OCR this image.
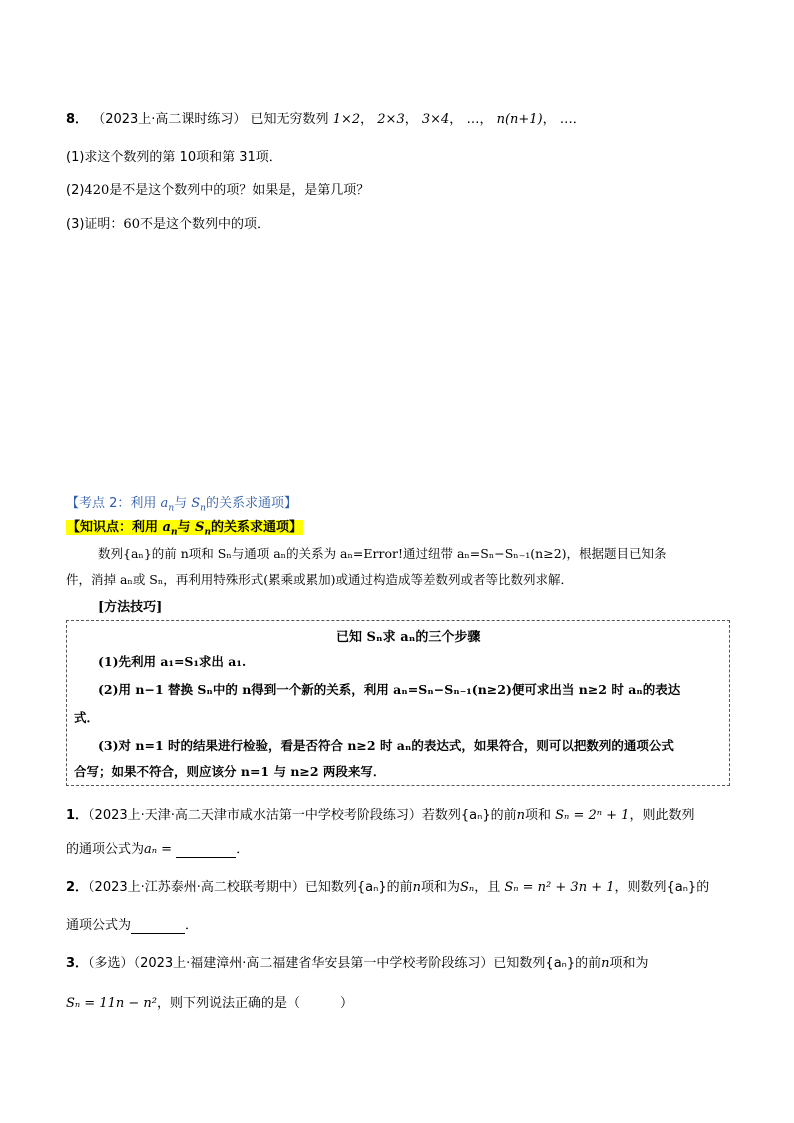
8． （2023上·高二课时练习） 已知无穷数列 1×2， 2×3， 3×4， …， n(n+1)， …．
(1)求这个数列的第 10项和第 31项．
(2)420是不是这个数列中的项？如果是，是第几项？
(3)证明：60不是这个数列中的项．
【考点 2：利用 $a_n$与 $S_n$的关系求通项】
【知识点：利用 $a_n$与 $S_n$的关系求通项】
数列{aₙ}的前 n项和 Sₙ与通项 aₙ的关系为 aₙ=Error!通过纽带 aₙ=Sₙ−Sₙ₋₁(n≥2)，根据题目已知条
件，消掉 aₙ或 Sₙ，再利用特殊形式(累乘或累加)或通过构造成等差数列或者等比数列求解．
[方法技巧]
已知 Sₙ求 aₙ的三个步骤
(1)先利用 a₁=S₁求出 a₁.
(2)用 n−1 替换 Sₙ中的 n得到一个新的关系，利用 aₙ=Sₙ−Sₙ₋₁(n≥2)便可求出当 n≥2 时 aₙ的表达
式．
(3)对 n=1 时的结果进行检验，看是否符合 n≥2 时 aₙ的表达式，如果符合，则可以把数列的通项公式
合写；如果不符合，则应该分 n=1 与 n≥2 两段来写．
1．（2023上·天津·高二天津市咸水沽第一中学校考阶段练习）若数列{aₙ}的前n项和 Sₙ = 2ⁿ + 1，则此数列
的通项公式为aₙ =	．
2．（2023上·江苏泰州·高二校联考期中）已知数列{aₙ}的前n项和为Sₙ，且 Sₙ = n² + 3n + 1，则数列{aₙ}的
通项公式为	．
3．（多选）（2023上·福建漳州·高二福建省华安县第一中学校考阶段练习）已知数列{aₙ}的前n项和为
Sₙ = 11n − n²，则下列说法正确的是（	）
